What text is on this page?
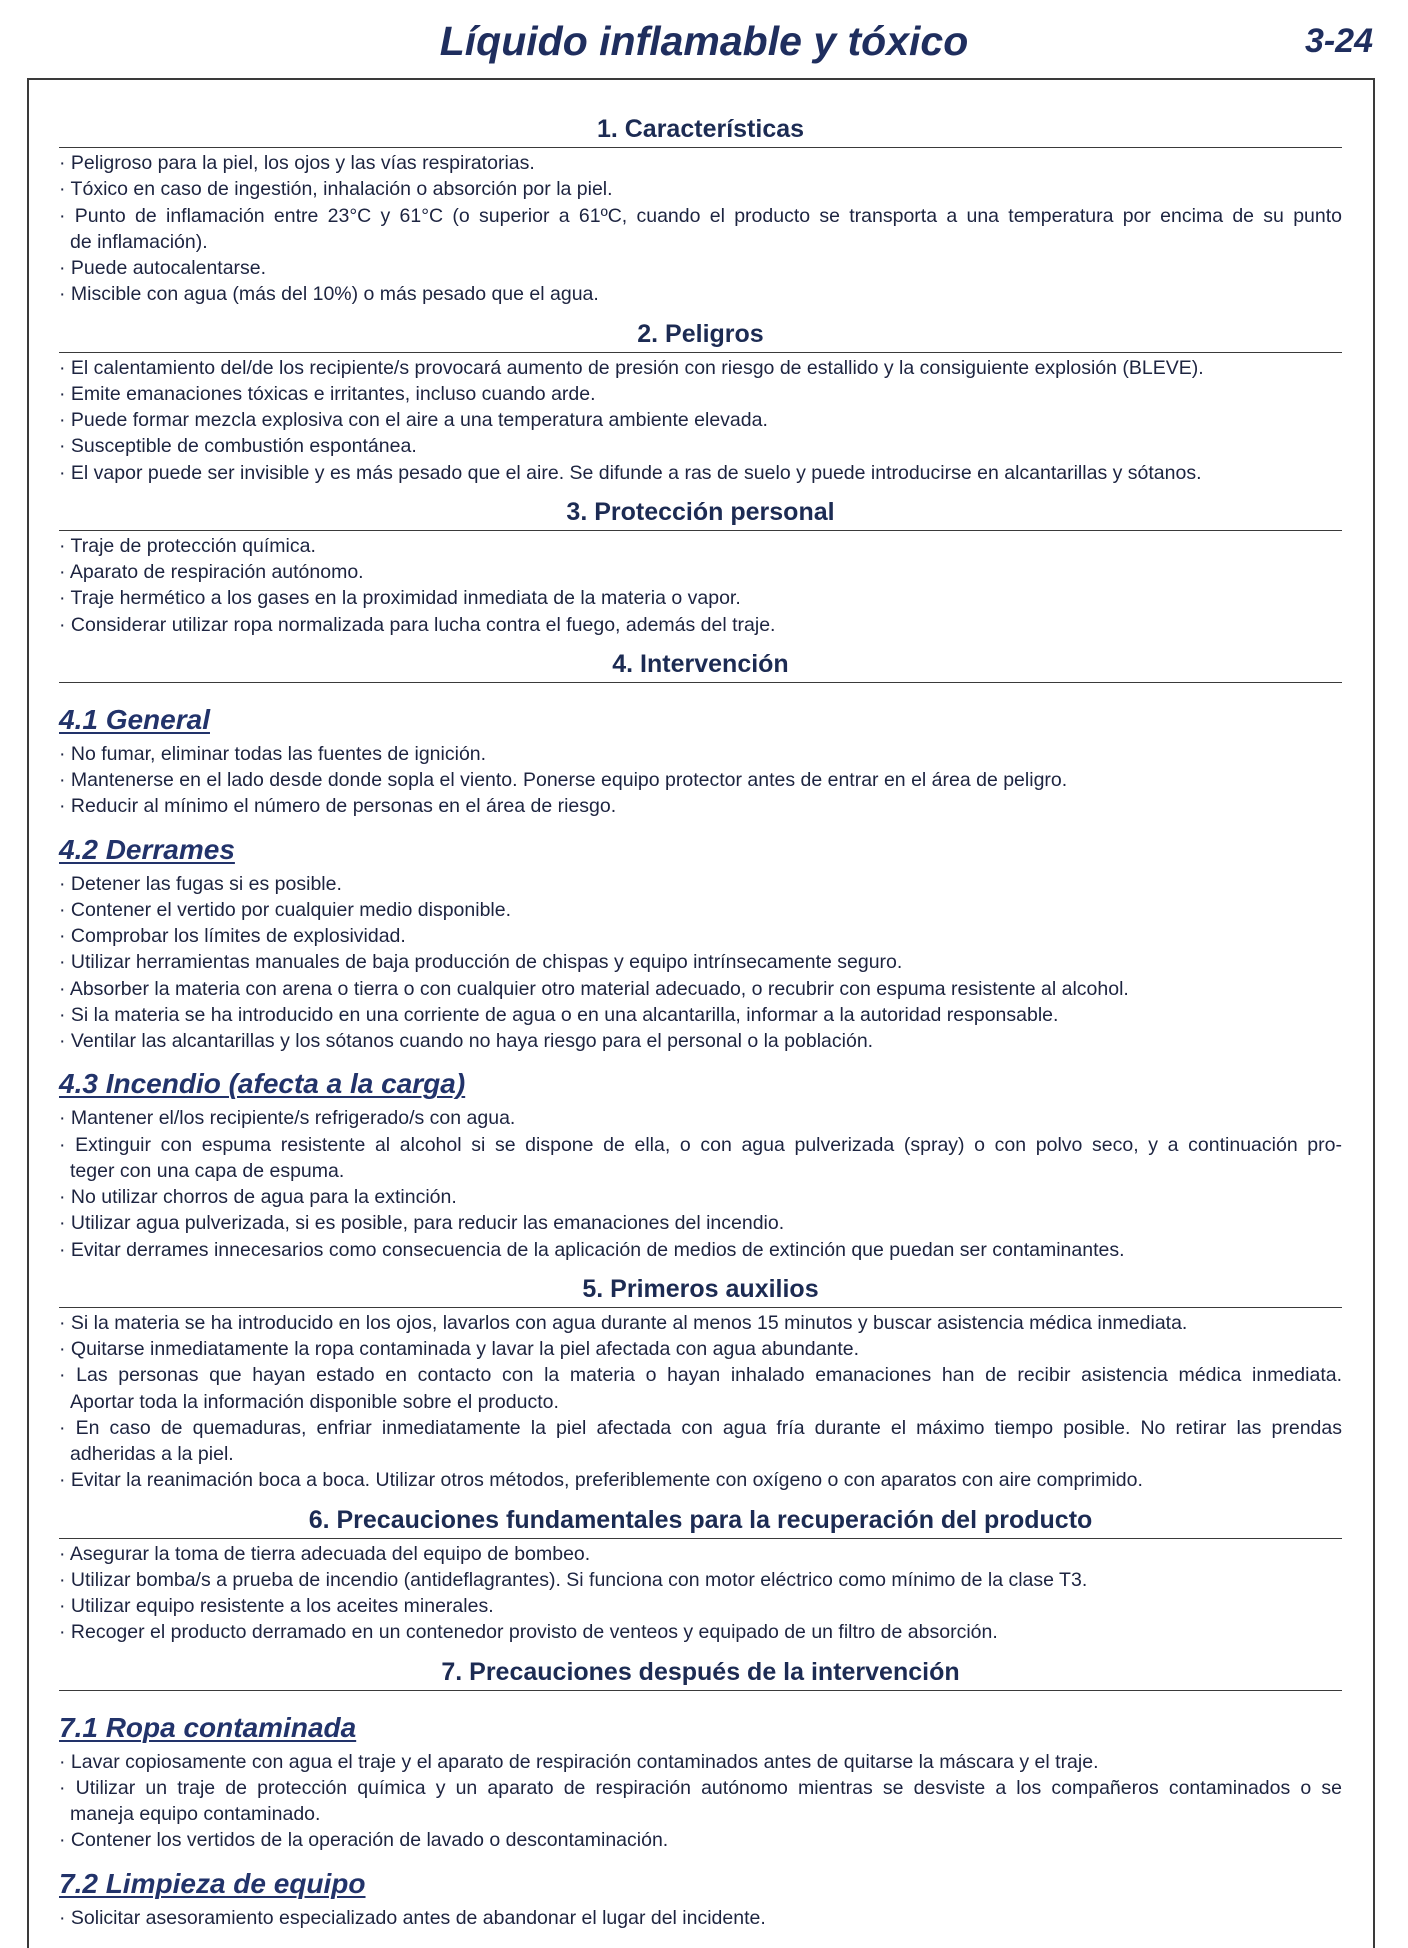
Líquido inflamable y tóxico	3-24
1. Características
· Peligroso para la piel, los ojos y las vías respiratorias.
· Tóxico en caso de ingestión, inhalación o absorción por la piel.
· Punto de inflamación entre 23°C y 61°C (o superior a 61ºC, cuando el producto se transporta a una temperatura por encima de su punto
de inflamación).
· Puede autocalentarse.
· Miscible con agua (más del 10%) o más pesado que el agua.
2. Peligros
· El calentamiento del/de los recipiente/s provocará aumento de presión con riesgo de estallido y la consiguiente explosión (BLEVE).
· Emite emanaciones tóxicas e irritantes, incluso cuando arde.
· Puede formar mezcla explosiva con el aire a una temperatura ambiente elevada.
· Susceptible de combustión espontánea.
· El vapor puede ser invisible y es más pesado que el aire. Se difunde a ras de suelo y puede introducirse en alcantarillas y sótanos.
3. Protección personal
· Traje de protección química.
· Aparato de respiración autónomo.
· Traje hermético a los gases en la proximidad inmediata de la materia o vapor.
· Considerar utilizar ropa normalizada para lucha contra el fuego, además del traje.
4. Intervención
4.1 General
· No fumar, eliminar todas las fuentes de ignición.
· Mantenerse en el lado desde donde sopla el viento. Ponerse equipo protector antes de entrar en el área de peligro.
· Reducir al mínimo el número de personas en el área de riesgo.
4.2 Derrames
· Detener las fugas si es posible.
· Contener el vertido por cualquier medio disponible.
· Comprobar los límites de explosividad.
· Utilizar herramientas manuales de baja producción de chispas y equipo intrínsecamente seguro.
· Absorber la materia con arena o tierra o con cualquier otro material adecuado, o recubrir con espuma resistente al alcohol.
· Si la materia se ha introducido en una corriente de agua o en una alcantarilla, informar a la autoridad responsable.
· Ventilar las alcantarillas y los sótanos cuando no haya riesgo para el personal o la población.
4.3 Incendio (afecta a la carga)
· Mantener el/los recipiente/s refrigerado/s con agua.
· Extinguir con espuma resistente al alcohol si se dispone de ella, o con agua pulverizada (spray) o con polvo seco, y a continuación pro-
teger con una capa de espuma.
· No utilizar chorros de agua para la extinción.
· Utilizar agua pulverizada, si es posible, para reducir las emanaciones del incendio.
· Evitar derrames innecesarios como consecuencia de la aplicación de medios de extinción que puedan ser contaminantes.
5. Primeros auxilios
· Si la materia se ha introducido en los ojos, lavarlos con agua durante al menos 15 minutos y buscar asistencia médica inmediata.
· Quitarse inmediatamente la ropa contaminada y lavar la piel afectada con agua abundante.
· Las personas que hayan estado en contacto con la materia o hayan inhalado emanaciones han de recibir asistencia médica inmediata.
Aportar toda la información disponible sobre el producto.
· En caso de quemaduras, enfriar inmediatamente la piel afectada con agua fría durante el máximo tiempo posible. No retirar las prendas
adheridas a la piel.
· Evitar la reanimación boca a boca. Utilizar otros métodos, preferiblemente con oxígeno o con aparatos con aire comprimido.
6. Precauciones fundamentales para la recuperación del producto
· Asegurar la toma de tierra adecuada del equipo de bombeo.
· Utilizar bomba/s a prueba de incendio (antideflagrantes). Si funciona con motor eléctrico como mínimo de la clase T3.
· Utilizar equipo resistente a los aceites minerales.
· Recoger el producto derramado en un contenedor provisto de venteos y equipado de un filtro de absorción.
7. Precauciones después de la intervención
7.1 Ropa contaminada
· Lavar copiosamente con agua el traje y el aparato de respiración contaminados antes de quitarse la máscara y el traje.
· Utilizar un traje de protección química y un aparato de respiración autónomo mientras se desviste a los compañeros contaminados o se
maneja equipo contaminado.
· Contener los vertidos de la operación de lavado o descontaminación.
7.2 Limpieza de equipo
· Solicitar asesoramiento especializado antes de abandonar el lugar del incidente.
